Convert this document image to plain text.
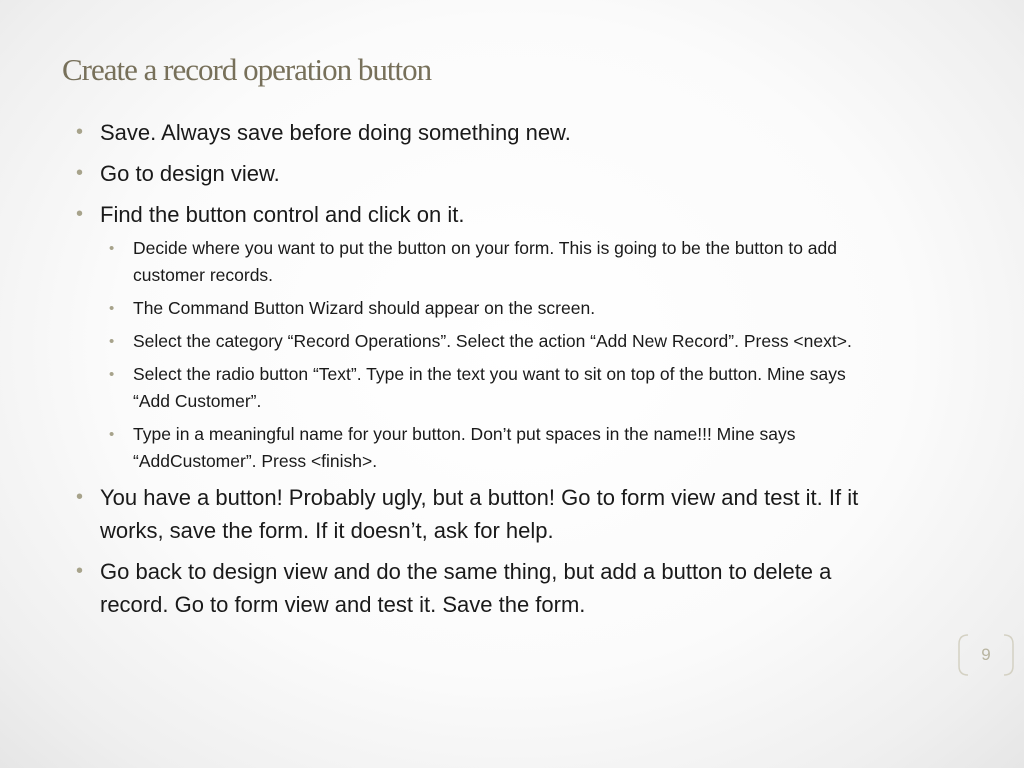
Create a record operation button
• Save. Always save before doing something new.
• Go to design view.
• Find the button control and click on it.
• Decide where you want to put the button on your form. This is going to be the button to add customer records.
• The Command Button Wizard should appear on the screen.
• Select the category “Record Operations”. Select the action “Add New Record”. Press <next>.
• Select the radio button “Text”. Type in the text you want to sit on top of the button. Mine says “Add Customer”.
• Type in a meaningful name for your button. Don’t put spaces in the name!!! Mine says “AddCustomer”. Press <finish>.
• You have a button! Probably ugly, but a button! Go to form view and test it. If it works, save the form. If it doesn’t, ask for help.
• Go back to design view and do the same thing, but add a button to delete a record. Go to form view and test it. Save the form.
9
